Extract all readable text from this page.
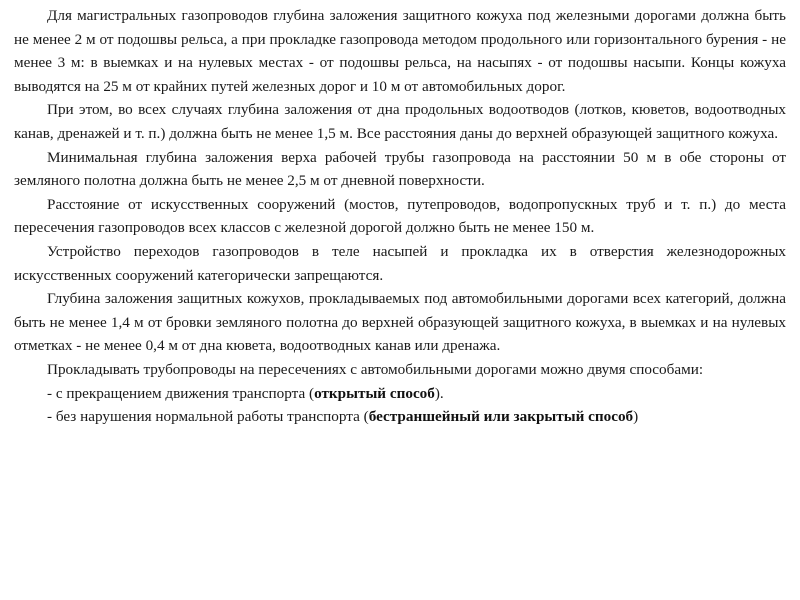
Для магистральных газопроводов глубина заложения защитного кожуха под железными дорогами должна быть не менее 2 м от подошвы рельса, а при прокладке газопровода методом продольного или горизонтального бурения - не менее 3 м: в выемках и на нулевых местах - от подошвы рельса, на насыпях - от подошвы насыпи. Концы кожуха выводятся на 25 м от крайних путей железных дорог и 10 м от автомобильных дорог.

При этом, во всех случаях глубина заложения от дна продольных водоотводов (лотков, кюветов, водоотводных канав, дренажей и т. п.) должна быть не менее 1,5 м. Все расстояния даны до верхней образующей защитного кожуха.

Минимальная глубина заложения верха рабочей трубы газопровода на расстоянии 50 м в обе стороны от земляного полотна должна быть не менее 2,5 м от дневной поверхности.

Расстояние от искусственных сооружений (мостов, путепроводов, водопропускных труб и т. п.) до места пересечения газопроводов всех классов с железной дорогой должно быть не менее 150 м.

Устройство переходов газопроводов в теле насыпей и прокладка их в отверстия железнодорожных искусственных сооружений категорически запрещаются.

Глубина заложения защитных кожухов, прокладываемых под автомобильными дорогами всех категорий, должна быть не менее 1,4 м от бровки земляного полотна до верхней образующей защитного кожуха, в выемках и на нулевых отметках - не менее 0,4 м от дна кювета, водоотводных канав или дренажа.

Прокладывать трубопроводы на пересечениях с автомобильными дорогами можно двумя способами:

- с прекращением движения транспорта (открытый способ).

- без нарушения нормальной работы транспорта (бестраншейный или закрытый способ)
